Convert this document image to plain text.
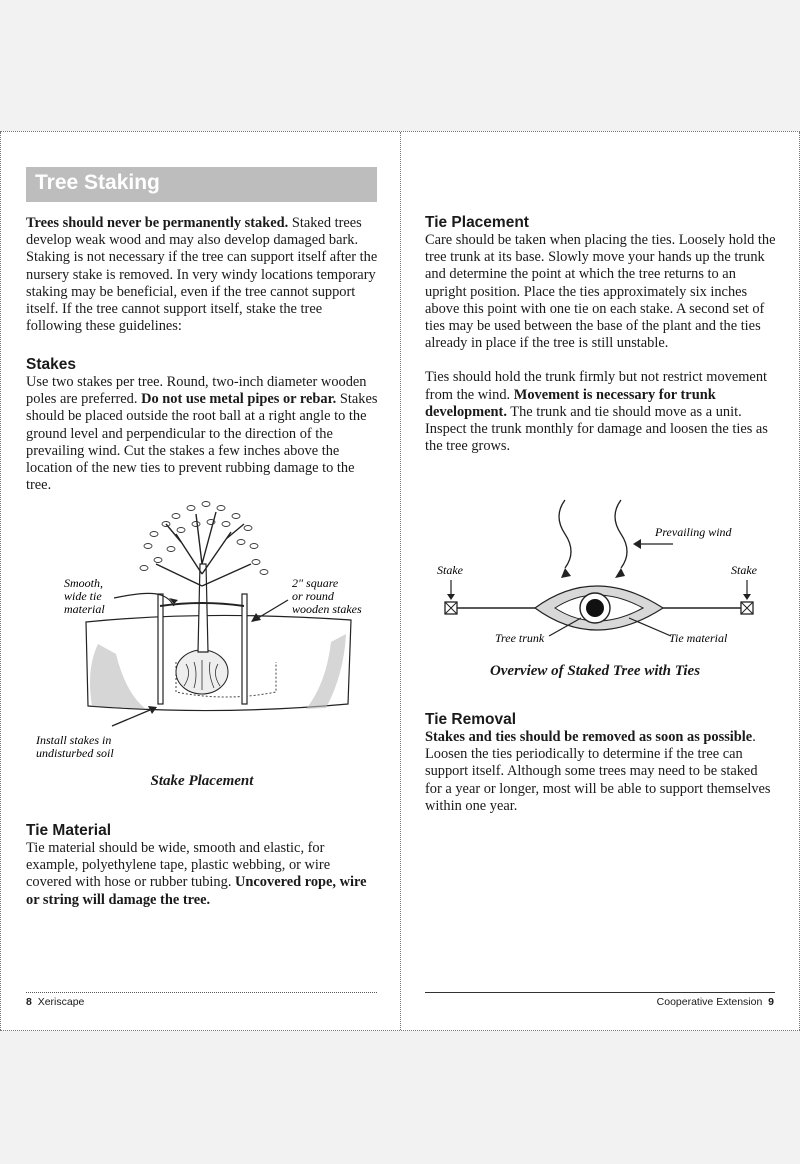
Tree Staking

Trees should never be permanently staked. Staked trees develop weak wood and may also develop damaged bark. Staking is not necessary if the tree can support itself after the nursery stake is removed. In very windy locations temporary staking may be beneficial, even if the tree cannot support itself. If the tree cannot support itself, stake the tree following these guidelines:

Stakes

Use two stakes per tree. Round, two-inch diameter wooden poles are preferred. Do not use metal pipes or rebar. Stakes should be placed outside the root ball at a right angle to the ground level and perpendicular to the direction of the prevailing wind. Cut the stakes a few inches above the location of the new ties to prevent rubbing damage to the tree.

Smooth,
wide tie
material
2" square
or round
wooden stakes
Install stakes in
undisturbed soil
Stake Placement
Tie Material

Tie material should be wide, smooth and elastic, for example, polyethylene tape, plastic webbing, or wire covered with hose or rubber tubing. Uncovered rope, wire or string will damage the tree.

8 Xeriscape
Tie Placement

Care should be taken when placing the ties. Loosely hold the tree trunk at its base. Slowly move your hands up the trunk and determine the point at which the tree returns to an upright position. Place the ties approximately six inches above this point with one tie on each stake. A second set of ties may be used between the base of the plant and the ties already in place if the tree is still unstable.

Ties should hold the trunk firmly but not restrict movement from the wind. Movement is necessary for trunk development. The trunk and tie should move as a unit. Inspect the trunk monthly for damage and loosen the ties as the tree grows.

Prevailing wind
Stake	Stake
Tree trunk	Tie material
Overview of Staked Tree with Ties
Tie Removal

Stakes and ties should be removed as soon as possible. Loosen the ties periodically to determine if the tree can support itself. Although some trees may need to be staked for a year or longer, most will be able to support themselves within one year.

Cooperative Extension 9
